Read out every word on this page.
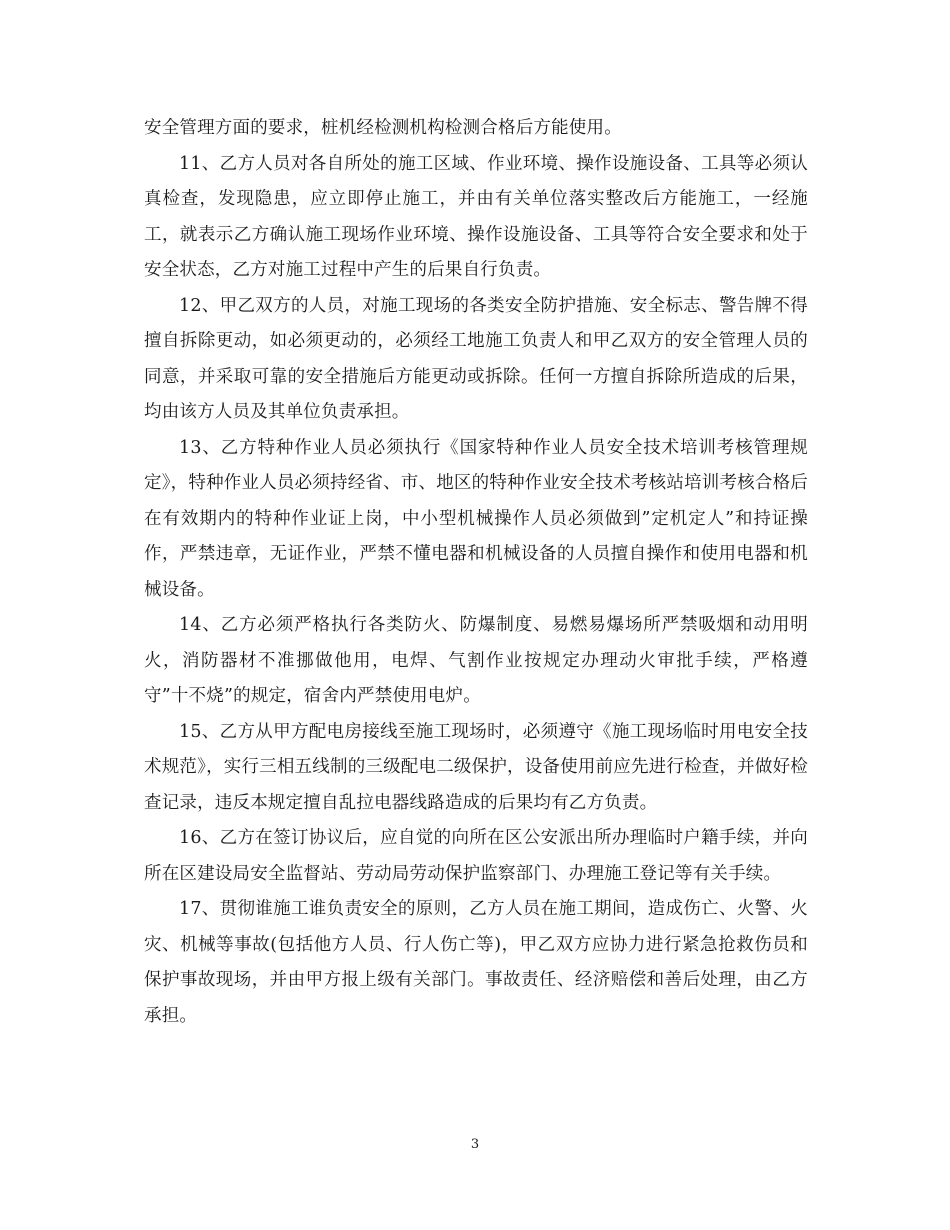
安全管理方面的要求，桩机经检测机构检测合格后方能使用。

11、乙方人员对各自所处的施工区域、作业环境、操作设施设备、工具等必须认真检查，发现隐患，应立即停止施工，并由有关单位落实整改后方能施工，一经施工，就表示乙方确认施工现场作业环境、操作设施设备、工具等符合安全要求和处于安全状态，乙方对施工过程中产生的后果自行负责。

12、甲乙双方的人员，对施工现场的各类安全防护措施、安全标志、警告牌不得擅自拆除更动，如必须更动的，必须经工地施工负责人和甲乙双方的安全管理人员的同意，并采取可靠的安全措施后方能更动或拆除。任何一方擅自拆除所造成的后果，均由该方人员及其单位负责承担。

13、乙方特种作业人员必须执行《国家特种作业人员安全技术培训考核管理规定》，特种作业人员必须持经省、市、地区的特种作业安全技术考核站培训考核合格后在有效期内的特种作业证上岗，中小型机械操作人员必须做到”定机定人”和持证操作，严禁违章，无证作业，严禁不懂电器和机械设备的人员擅自操作和使用电器和机械设备。

14、乙方必须严格执行各类防火、防爆制度、易燃易爆场所严禁吸烟和动用明火，消防器材不准挪做他用，电焊、气割作业按规定办理动火审批手续，严格遵守”十不烧”的规定，宿舍内严禁使用电炉。

15、乙方从甲方配电房接线至施工现场时，必须遵守《施工现场临时用电安全技术规范》，实行三相五线制的三级配电二级保护，设备使用前应先进行检查，并做好检查记录，违反本规定擅自乱拉电器线路造成的后果均有乙方负责。

16、乙方在签订协议后，应自觉的向所在区公安派出所办理临时户籍手续，并向所在区建设局安全监督站、劳动局劳动保护监察部门、办理施工登记等有关手续。

17、贯彻谁施工谁负责安全的原则，乙方人员在施工期间，造成伤亡、火警、火灾、机械等事故(包括他方人员、行人伤亡等)，甲乙双方应协力进行紧急抢救伤员和保护事故现场，并由甲方报上级有关部门。事故责任、经济赔偿和善后处理，由乙方承担。

3
